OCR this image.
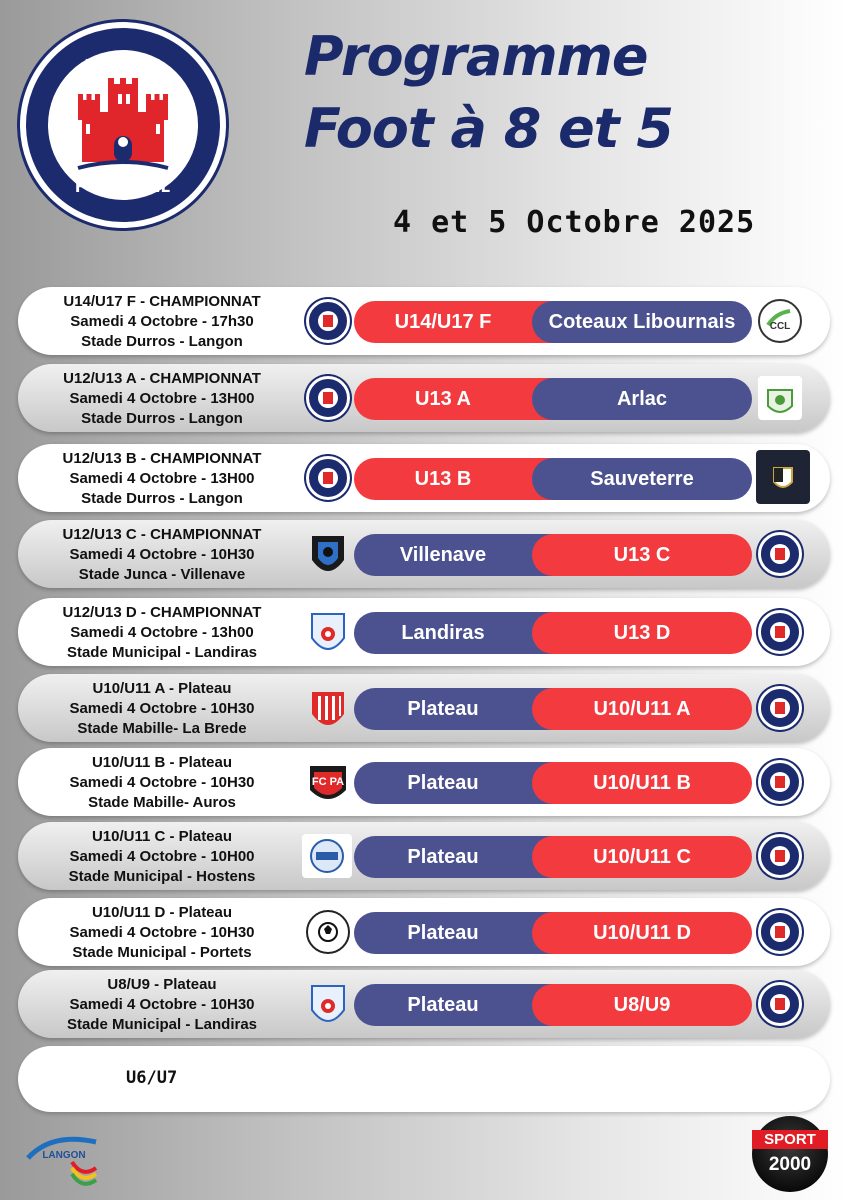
FOOTBALL
Programme
Foot à 8 et 5
4 et 5 Octobre 2025
U14/U17 F - CHAMPIONNAT
Samedi 4 Octobre - 17h30
Stade Durros - Langon
U14/U17 F	Coteaux Libournais	CCL
U12/U13 A - CHAMPIONNAT
Samedi 4 Octobre - 13H00
Stade Durros - Langon
U13 A	Arlac
U12/U13 B - CHAMPIONNAT
Samedi 4 Octobre - 13H00
Stade Durros - Langon
U13 B	Sauveterre
U12/U13 C - CHAMPIONNAT
Samedi 4 Octobre - 10H30
Stade Junca - Villenave
Villenave	U13 C
U12/U13 D - CHAMPIONNAT
Samedi 4 Octobre - 13h00
Stade Municipal - Landiras
Landiras	U13 D
U10/U11 A - Plateau
Samedi 4 Octobre - 10H30
Stade Mabille- La Brede
Plateau	U10/U11 A
U10/U11 B - Plateau
Samedi 4 Octobre - 10H30
Stade Mabille- Auros
FC PA	Plateau	U10/U11 B
U10/U11 C - Plateau
Samedi 4 Octobre - 10H00
Stade Municipal - Hostens
Plateau	U10/U11 C
U10/U11 D - Plateau
Samedi 4 Octobre - 10H30
Stade Municipal - Portets
Plateau	U10/U11 D
U8/U9 - Plateau
Samedi 4 Octobre - 10H30
Stade Municipal - Landiras
Plateau	U8/U9
U6/U7
LANGON
SPORT
2000
